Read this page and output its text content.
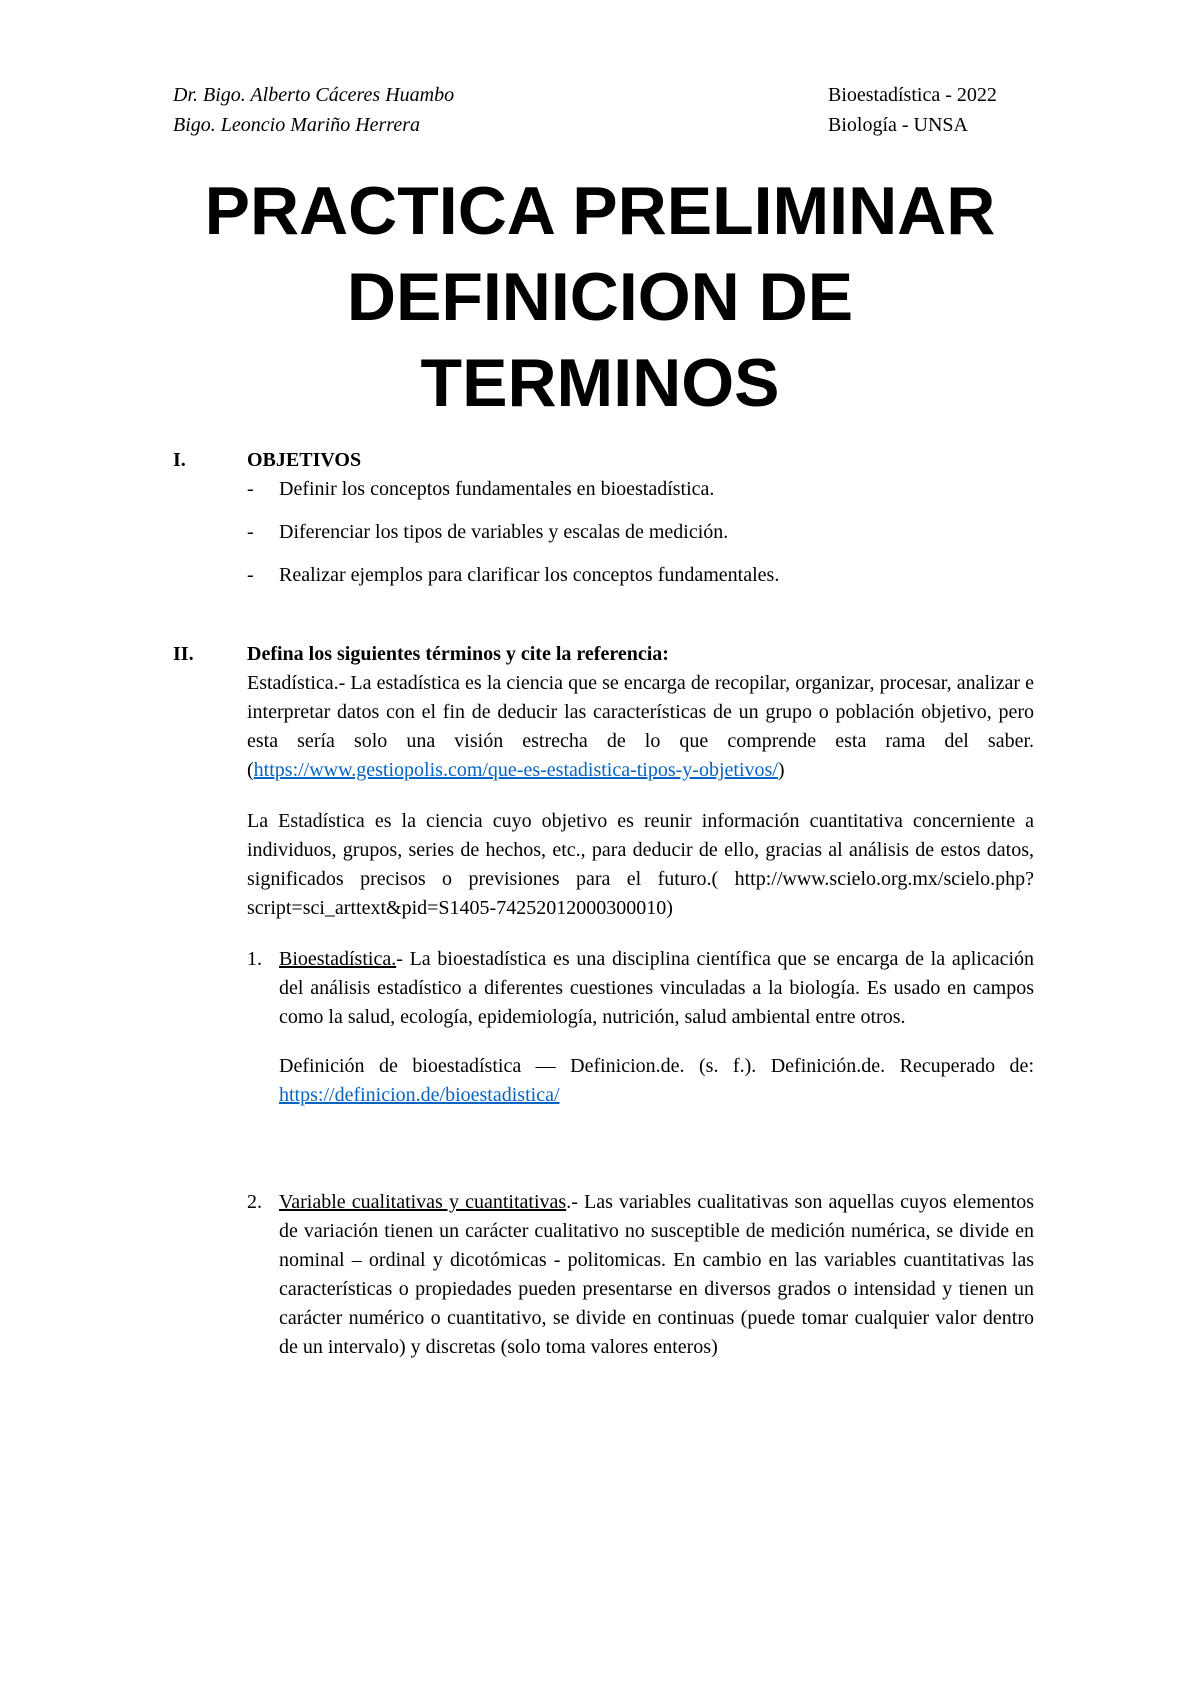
Dr. Bigo. Alberto Cáceres Huambo	Bioestadística - 2022
Bigo. Leoncio Mariño Herrera	Biología - UNSA
PRACTICA PRELIMINAR
DEFINICION DE
TERMINOS
I.	OBJETIVOS
-	Definir los conceptos fundamentales en bioestadística.
-	Diferenciar los tipos de variables y escalas de medición.
-	Realizar ejemplos para clarificar los conceptos fundamentales.
II.	Defina los siguientes términos y cite la referencia:
Estadística.- La estadística es la ciencia que se encarga de recopilar, organizar, procesar, analizar e interpretar datos con el fin de deducir las características de un grupo o población objetivo, pero esta sería solo una visión estrecha de lo que comprende esta rama del saber. (https://www.gestiopolis.com/que-es-estadistica-tipos-y-objetivos/)
La Estadística es la ciencia cuyo objetivo es reunir información cuantitativa concerniente a individuos, grupos, series de hechos, etc., para deducir de ello, gracias al análisis de estos datos, significados precisos o previsiones para el futuro.( http://www.scielo.org.mx/scielo.php?script=sci_arttext&pid=S1405-74252012000300010)
1. Bioestadística.- La bioestadística es una disciplina científica que se encarga de la aplicación del análisis estadístico a diferentes cuestiones vinculadas a la biología. Es usado en campos como la salud, ecología, epidemiología, nutrición, salud ambiental entre otros.
Definición de bioestadística — Definicion.de. (s. f.). Definición.de. Recuperado de: https://definicion.de/bioestadistica/
2. Variable cualitativas y cuantitativas.- Las variables cualitativas son aquellas cuyos elementos de variación tienen un carácter cualitativo no susceptible de medición numérica, se divide en nominal – ordinal y dicotómicas - politomicas. En cambio en las variables cuantitativas las características o propiedades pueden presentarse en diversos grados o intensidad y tienen un carácter numérico o cuantitativo, se divide en continuas (puede tomar cualquier valor dentro de un intervalo) y discretas (solo toma valores enteros)
